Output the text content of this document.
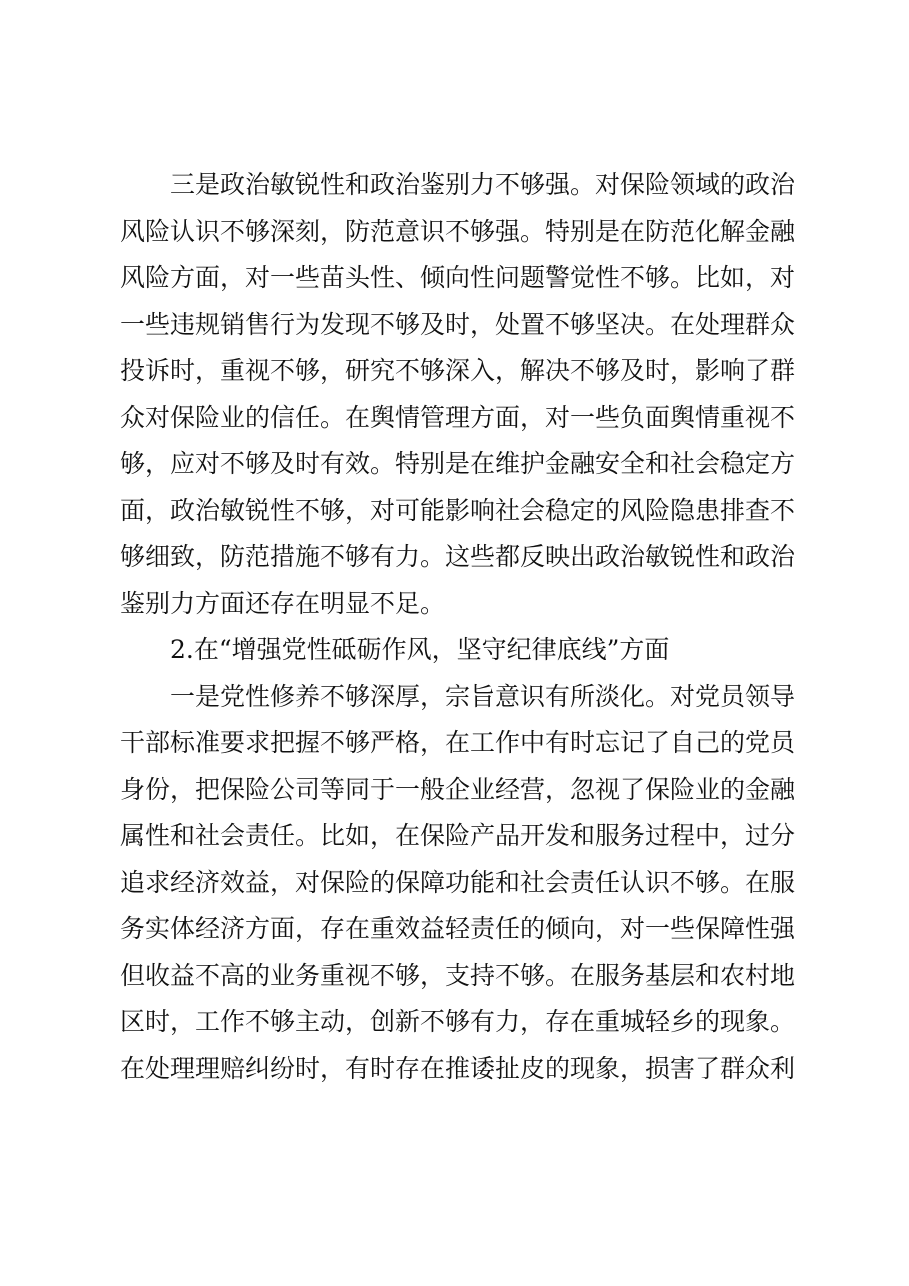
三是政治敏锐性和政治鉴别力不够强。对保险领域的政治
风险认识不够深刻，防范意识不够强。特别是在防范化解金融
风险方面，对一些苗头性、倾向性问题警觉性不够。比如，对
一些违规销售行为发现不够及时，处置不够坚决。在处理群众
投诉时，重视不够，研究不够深入，解决不够及时，影响了群
众对保险业的信任。在舆情管理方面，对一些负面舆情重视不
够，应对不够及时有效。特别是在维护金融安全和社会稳定方
面，政治敏锐性不够，对可能影响社会稳定的风险隐患排查不
够细致，防范措施不够有力。这些都反映出政治敏锐性和政治
鉴别力方面还存在明显不足。
2.在“增强党性砥砺作风，坚守纪律底线”方面
一是党性修养不够深厚，宗旨意识有所淡化。对党员领导
干部标准要求把握不够严格，在工作中有时忘记了自己的党员
身份，把保险公司等同于一般企业经营，忽视了保险业的金融
属性和社会责任。比如，在保险产品开发和服务过程中，过分
追求经济效益，对保险的保障功能和社会责任认识不够。在服
务实体经济方面，存在重效益轻责任的倾向，对一些保障性强
但收益不高的业务重视不够，支持不够。在服务基层和农村地
区时，工作不够主动，创新不够有力，存在重城轻乡的现象。
在处理理赔纠纷时，有时存在推诿扯皮的现象，损害了群众利
